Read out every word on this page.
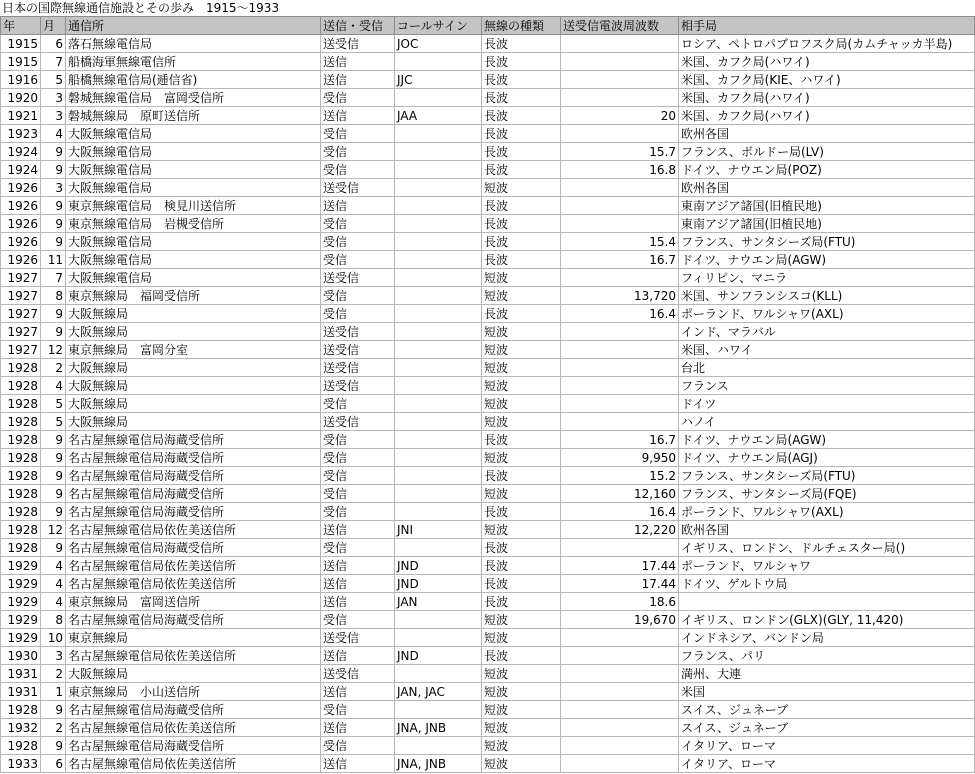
日本の国際無線通信施設とその歩み　1915〜1933
年	月	通信所	送信・受信	コールサイン	無線の種類	送受信電波周波数	相手局
1915	6	落石無線電信局	送受信	JOC	長波		ロシア、ペトロパブロフスク局(カムチャッカ半島)
1915	7	船橋海軍無線電信所	送信		長波		米国、カフク局(ハワイ)
1916	5	船橋無線電信局(逓信省)	送信	JJC	長波		米国、カフク局(KIE、ハワイ)
1920	3	磐城無線電信局　富岡受信所	受信		長波		米国、カフク局(ハワイ)
1921	3	磐城無線局　原町送信所	送信	JAA	長波	20	米国、カフク局(ハワイ)
1923	4	大阪無線電信局	受信		長波		欧州各国
1924	9	大阪無線電信局	受信		長波	15.7	フランス、ボルドー局(LV)
1924	9	大阪無線電信局	受信		長波	16.8	ドイツ、ナウエン局(POZ)
1926	3	大阪無線電信局	送受信		短波		欧州各国
1926	9	東京無線電信局　検見川送信所	送信		長波		東南アジア諸国(旧植民地)
1926	9	東京無線電信局　岩槻受信所	受信		長波		東南アジア諸国(旧植民地)
1926	9	大阪無線電信局	受信		長波	15.4	フランス、サンタシーズ局(FTU)
1926	11	大阪無線電信局	受信		長波	16.7	ドイツ、ナウエン局(AGW)
1927	7	大阪無線電信局	送受信		短波		フィリピン、マニラ
1927	8	東京無線局　福岡受信所	受信		短波	13,720	米国、サンフランシスコ(KLL)
1927	9	大阪無線局	受信		長波	16.4	ポーランド、ワルシャワ(AXL)
1927	9	大阪無線局	送受信		短波		インド、マラバル
1927	12	東京無線局　富岡分室	送受信		短波		米国、ハワイ
1928	2	大阪無線局	送受信		短波		台北
1928	4	大阪無線局	送受信		短波		フランス
1928	5	大阪無線局	受信		短波		ドイツ
1928	5	大阪無線局	送受信		短波		ハノイ
1928	9	名古屋無線電信局海蔵受信所	受信		長波	16.7	ドイツ、ナウエン局(AGW)
1928	9	名古屋無線電信局海蔵受信所	受信		短波	9,950	ドイツ、ナウエン局(AGJ)
1928	9	名古屋無線電信局海蔵受信所	受信		長波	15.2	フランス、サンタシーズ局(FTU)
1928	9	名古屋無線電信局海蔵受信所	受信		短波	12,160	フランス、サンタシーズ局(FQE)
1928	9	名古屋無線電信局海蔵受信所	受信		長波	16.4	ポーランド、ワルシャワ(AXL)
1928	12	名古屋無線電信局依佐美送信所	送信	JNI	短波	12,220	欧州各国
1928	9	名古屋無線電信局海蔵受信所	受信		長波		イギリス、ロンドン、ドルチェスター局()
1929	4	名古屋無線電信局依佐美送信所	送信	JND	長波	17.44	ポーランド、ワルシャワ
1929	4	名古屋無線電信局依佐美送信所	送信	JND	長波	17.44	ドイツ、ゲルトウ局
1929	4	東京無線局　富岡送信所	送信	JAN	長波	18.6	
1929	8	名古屋無線電信局海蔵受信所	受信		短波	19,670	イギリス、ロンドン(GLX)(GLY, 11,420)
1929	10	東京無線局	送受信		短波		インドネシア、バンドン局
1930	3	名古屋無線電信局依佐美送信所	送信	JND	長波		フランス、パリ
1931	2	大阪無線局	送受信		短波		満州、大連
1931	1	東京無線局　小山送信所	送信	JAN, JAC	短波		米国
1928	9	名古屋無線電信局海蔵受信所	受信		短波		スイス、ジュネーブ
1932	2	名古屋無線電信局依佐美送信所	送信	JNA, JNB	短波		スイス、ジュネーブ
1928	9	名古屋無線電信局海蔵受信所	受信		短波		イタリア、ローマ
1933	6	名古屋無線電信局依佐美送信所	送信	JNA, JNB	短波		イタリア、ローマ
